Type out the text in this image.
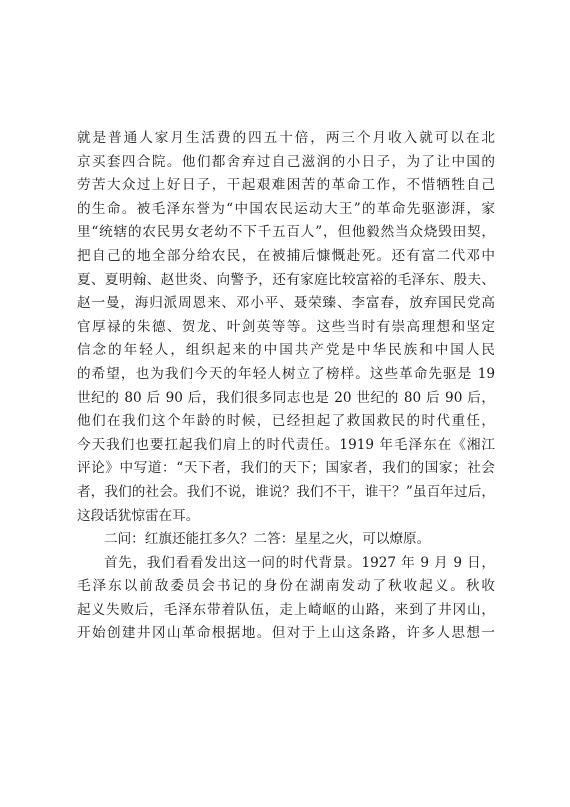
就是普通人家月生活费的四五十倍，两三个月收入就可以在北
京买套四合院。他们都舍弃过自己滋润的小日子，为了让中国的
劳苦大众过上好日子，干起艰难困苦的革命工作，不惜牺牲自己
的生命。被毛泽东誉为“中国农民运动大王”的革命先驱澎湃，家
里“统辖的农民男女老幼不下千五百人”，但他毅然当众烧毁田契，
把自己的地全部分给农民，在被捕后慷慨赴死。还有富二代邓中
夏、夏明翰、赵世炎、向警予，还有家庭比较富裕的毛泽东、殷夫、
赵一曼，海归派周恩来、邓小平、聂荣臻、李富春，放弃国民党高
官厚禄的朱德、贺龙、叶剑英等等。这些当时有崇高理想和坚定
信念的年轻人，组织起来的中国共产党是中华民族和中国人民
的希望，也为我们今天的年轻人树立了榜样。这些革命先驱是 19
世纪的 80 后 90 后，我们很多同志也是 20 世纪的 80 后 90 后，
他们在我们这个年龄的时候，已经担起了救国救民的时代重任，
今天我们也要扛起我们肩上的时代责任。1919 年毛泽东在《湘江
评论》中写道：“天下者，我们的天下；国家者，我们的国家；社会
者，我们的社会。我们不说，谁说？我们不干，谁干？”虽百年过后，
这段话犹惊雷在耳。
二问：红旗还能扛多久？二答：星星之火，可以燎原。
首先，我们看看发出这一问的时代背景。1927 年 9 月 9 日，
毛泽东以前敌委员会书记的身份在湖南发动了秋收起义。秋收
起义失败后，毛泽东带着队伍，走上崎岖的山路，来到了井冈山，
开始创建井冈山革命根据地。但对于上山这条路，许多人思想一
